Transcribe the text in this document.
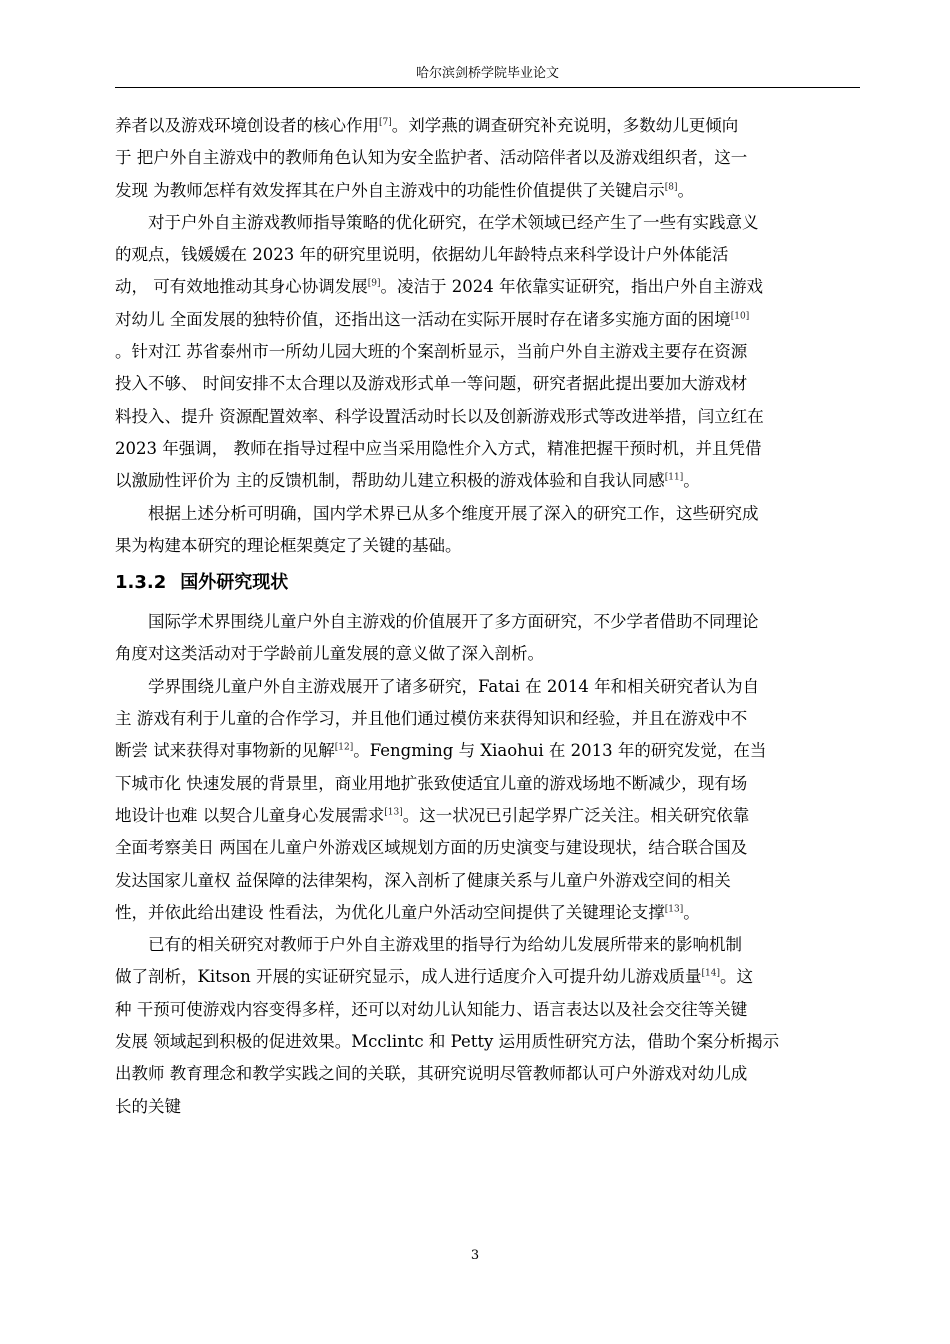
哈尔滨剑桥学院毕业论文

养者以及游戏环境创设者的核心作用[7]。刘学燕的调查研究补充说明，多数幼儿更倾向
于 把户外自主游戏中的教师角色认知为安全监护者、活动陪伴者以及游戏组织者，这一
发现 为教师怎样有效发挥其在户外自主游戏中的功能性价值提供了关键启示[8]。

对于户外自主游戏教师指导策略的优化研究，在学术领域已经产生了一些有实践意义
的观点，钱媛媛在 2023 年的研究里说明，依据幼儿年龄特点来科学设计户外体能活
动， 可有效地推动其身心协调发展[9]。凌洁于 2024 年依靠实证研究，指出户外自主游戏
对幼儿 全面发展的独特价值，还指出这一活动在实际开展时存在诸多实施方面的困境[10]
。针对江 苏省泰州市一所幼儿园大班的个案剖析显示，当前户外自主游戏主要存在资源
投入不够、 时间安排不太合理以及游戏形式单一等问题，研究者据此提出要加大游戏材
料投入、提升 资源配置效率、科学设置活动时长以及创新游戏形式等改进举措，闫立红在
2023 年强调， 教师在指导过程中应当采用隐性介入方式，精准把握干预时机，并且凭借
以激励性评价为 主的反馈机制，帮助幼儿建立积极的游戏体验和自我认同感[11]。

根据上述分析可明确，国内学术界已从多个维度开展了深入的研究工作，这些研究成
果为构建本研究的理论框架奠定了关键的基础。

1.3.2 国外研究现状

国际学术界围绕儿童户外自主游戏的价值展开了多方面研究，不少学者借助不同理论
角度对这类活动对于学龄前儿童发展的意义做了深入剖析。

学界围绕儿童户外自主游戏展开了诸多研究，Fatai 在 2014 年和相关研究者认为自
主 游戏有利于儿童的合作学习，并且他们通过模仿来获得知识和经验，并且在游戏中不
断尝 试来获得对事物新的见解[12]。Fengming 与 Xiaohui 在 2013 年的研究发觉，在当
下城市化 快速发展的背景里，商业用地扩张致使适宜儿童的游戏场地不断减少，现有场
地设计也难 以契合儿童身心发展需求[13]。这一状况已引起学界广泛关注。相关研究依靠
全面考察美日 两国在儿童户外游戏区域规划方面的历史演变与建设现状，结合联合国及
发达国家儿童权 益保障的法律架构，深入剖析了健康关系与儿童户外游戏空间的相关
性，并依此给出建设 性看法，为优化儿童户外活动空间提供了关键理论支撑[13]。

已有的相关研究对教师于户外自主游戏里的指导行为给幼儿发展所带来的影响机制
做了剖析，Kitson 开展的实证研究显示，成人进行适度介入可提升幼儿游戏质量[14]。这
种 干预可使游戏内容变得多样，还可以对幼儿认知能力、语言表达以及社会交往等关键
发展 领域起到积极的促进效果。Mcclintc 和 Petty 运用质性研究方法，借助个案分析揭示
出教师 教育理念和教学实践之间的关联，其研究说明尽管教师都认可户外游戏对幼儿成
长的关键

3
